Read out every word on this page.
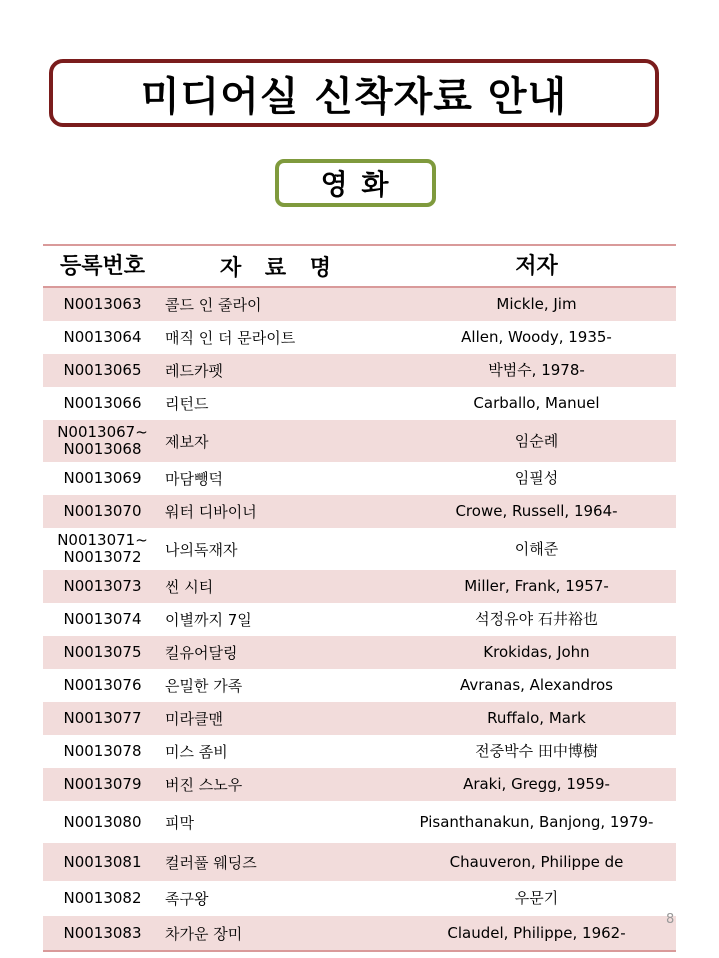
미디어실 신착자료 안내
영 화
등록번호	자 료 명	저자
N0013063	콜드 인 줄라이	Mickle, Jim
N0013064	매직 인 더 문라이트	Allen, Woody, 1935-
N0013065	레드카펫	박범수, 1978-
N0013066	리턴드	Carballo, Manuel
N0013067~ N0013068	제보자	임순례
N0013069	마담뺑덕	임필성
N0013070	워터 디바이너	Crowe, Russell, 1964-
N0013071~ N0013072	나의독재자	이해준
N0013073	씬 시티	Miller, Frank, 1957-
N0013074	이별까지 7일	석정유야 石井裕也
N0013075	킬유어달링	Krokidas, John
N0013076	은밀한 가족	Avranas, Alexandros
N0013077	미라클맨	Ruffalo, Mark
N0013078	미스 좀비	전중박수 田中博樹
N0013079	버진 스노우	Araki, Gregg, 1959-
N0013080	피막	Pisanthanakun, Banjong, 1979-
N0013081	컬러풀 웨딩즈	Chauveron, Philippe de
N0013082	족구왕	우문기
N0013083	차가운 장미	Claudel, Philippe, 1962-
8
